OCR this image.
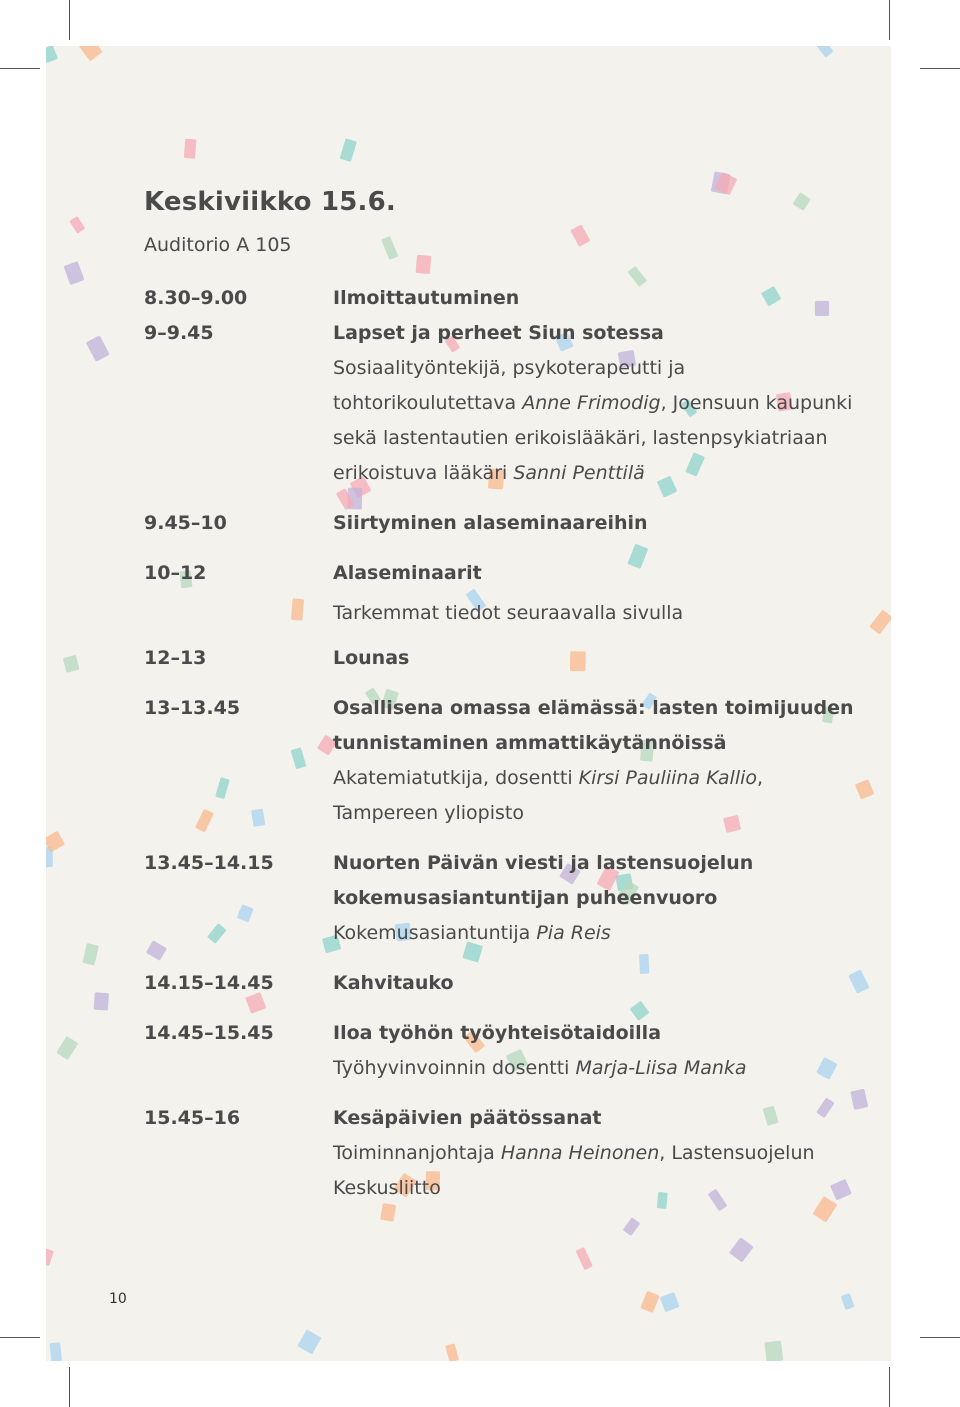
Keskiviikko 15.6.
Auditorio A 105
8.30–9.00	Ilmoittautuminen
9–9.45	Lapset ja perheet Siun sotessa
Sosiaalityöntekijä, psykoterapeutti ja
tohtorikoulutettava Anne Frimodig, Joensuun kaupunki
sekä lastentautien erikoislääkäri, lastenpsykiatriaan
erikoistuva lääkäri Sanni Penttilä
9.45–10	Siirtyminen alaseminaareihin
10–12	Alaseminaarit
Tarkemmat tiedot seuraavalla sivulla
12–13	Lounas
13–13.45	Osallisena omassa elämässä: lasten toimijuuden
tunnistaminen ammattikäytännöissä
Akatemiatutkija, dosentti Kirsi Pauliina Kallio,
Tampereen yliopisto
13.45–14.15	Nuorten Päivän viesti ja lastensuojelun
kokemusasiantuntijan puheenvuoro
Kokemusasiantuntija Pia Reis
14.15–14.45	Kahvitauko
14.45–15.45	Iloa työhön työyhteisötaidoilla
Työhyvinvoinnin dosentti Marja-Liisa Manka
15.45–16	Kesäpäivien päätössanat
Toiminnanjohtaja Hanna Heinonen, Lastensuojelun
Keskusliitto
10
